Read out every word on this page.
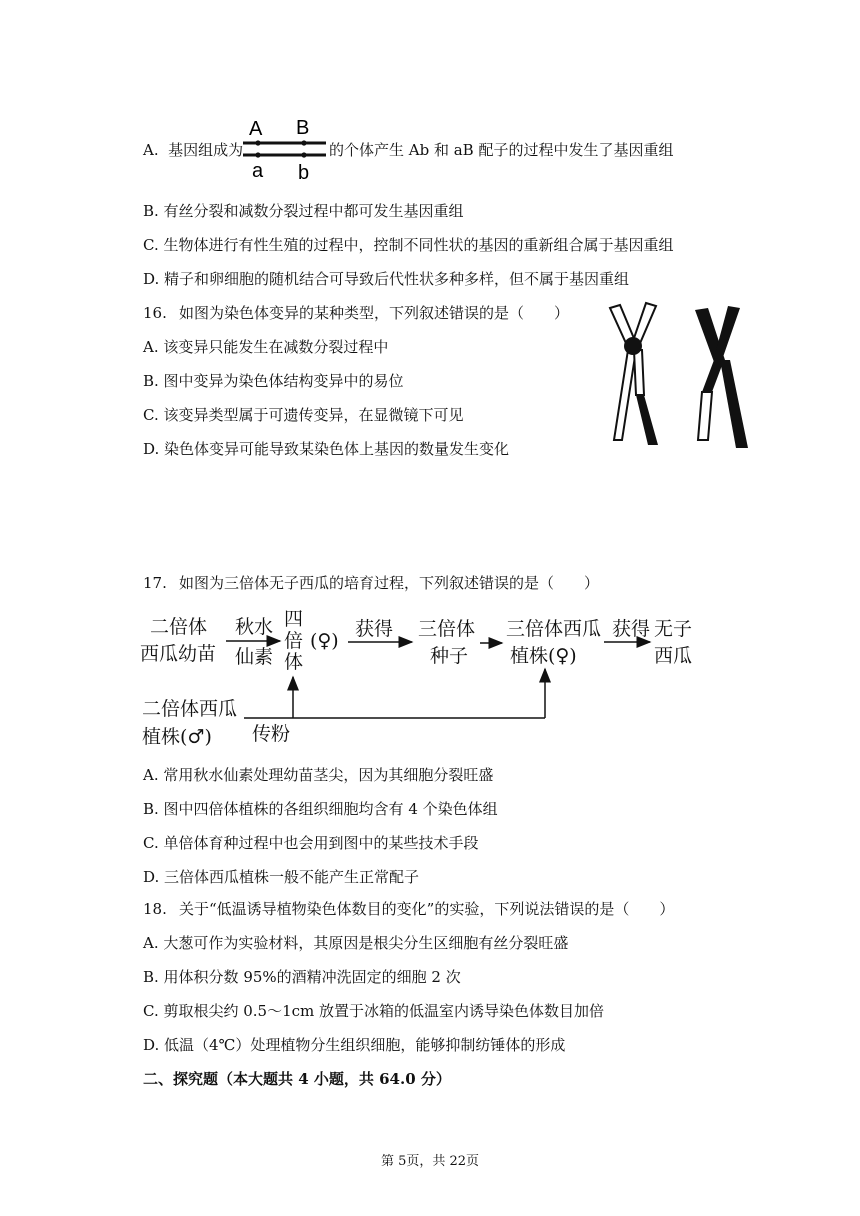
A. 基因组成为
A B
a b
的个体产生 Ab 和 aB 配子的过程中发生了基因重组
B. 有丝分裂和减数分裂过程中都可发生基因重组
C. 生物体进行有性生殖的过程中，控制不同性状的基因的重新组合属于基因重组
D. 精子和卵细胞的随机结合可导致后代性状多种多样，但不属于基因重组
16. 如图为染色体变异的某种类型，下列叙述错误的是（　　）
A. 该变异只能发生在减数分裂过程中
B. 图中变异为染色体结构变异中的易位
C. 该变异类型属于可遗传变异，在显微镜下可见
D. 染色体变异可能导致某染色体上基因的数量发生变化
17. 如图为三倍体无子西瓜的培育过程，下列叙述错误的是（　　）
二倍体
西瓜幼苗
秋水
仙素
四
倍
体
(♀)
获得 三倍体
种子
三倍体西瓜
植株(♀)
获得 无子
西瓜
二倍体西瓜
植株(♂) 传粉
A. 常用秋水仙素处理幼苗茎尖，因为其细胞分裂旺盛
B. 图中四倍体植株的各组织细胞均含有 4 个染色体组
C. 单倍体育种过程中也会用到图中的某些技术手段
D. 三倍体西瓜植株一般不能产生正常配子
18. 关于“低温诱导植物染色体数目的变化”的实验，下列说法错误的是（　　）
A. 大葱可作为实验材料，其原因是根尖分生区细胞有丝分裂旺盛
B. 用体积分数 95%的酒精冲洗固定的细胞 2 次
C. 剪取根尖约 0.5～1cm 放置于冰箱的低温室内诱导染色体数目加倍
D. 低温（4℃）处理植物分生组织细胞，能够抑制纺锤体的形成
二、探究题（本大题共 4 小题，共 64.0 分）
第 5页，共 22页
